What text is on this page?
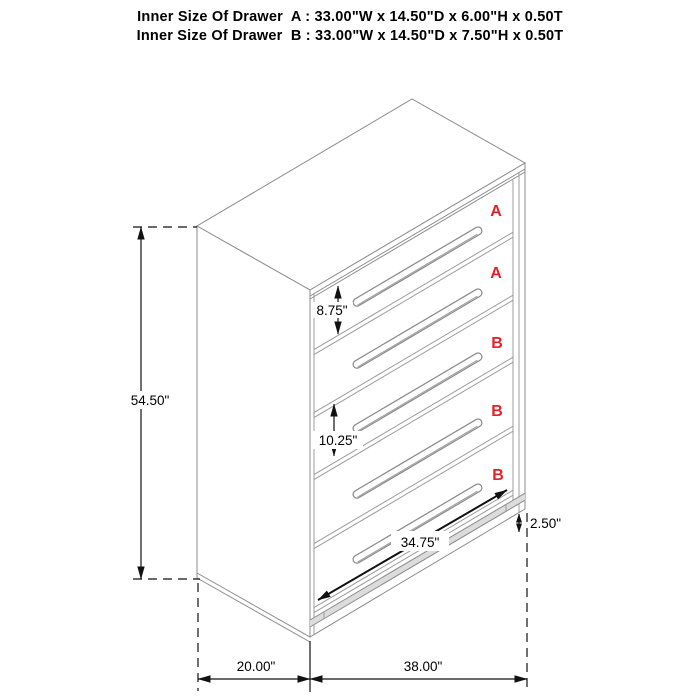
Inner Size Of Drawer  A : 33.00"W x 14.50"D x 6.00"H x 0.50T
Inner Size Of Drawer  B : 33.00"W x 14.50"D x 7.50"H x 0.50T
A
A
B
B
B
54.50"
8.75"
10.25"
2.50"
34.75"
20.00"	38.00"
